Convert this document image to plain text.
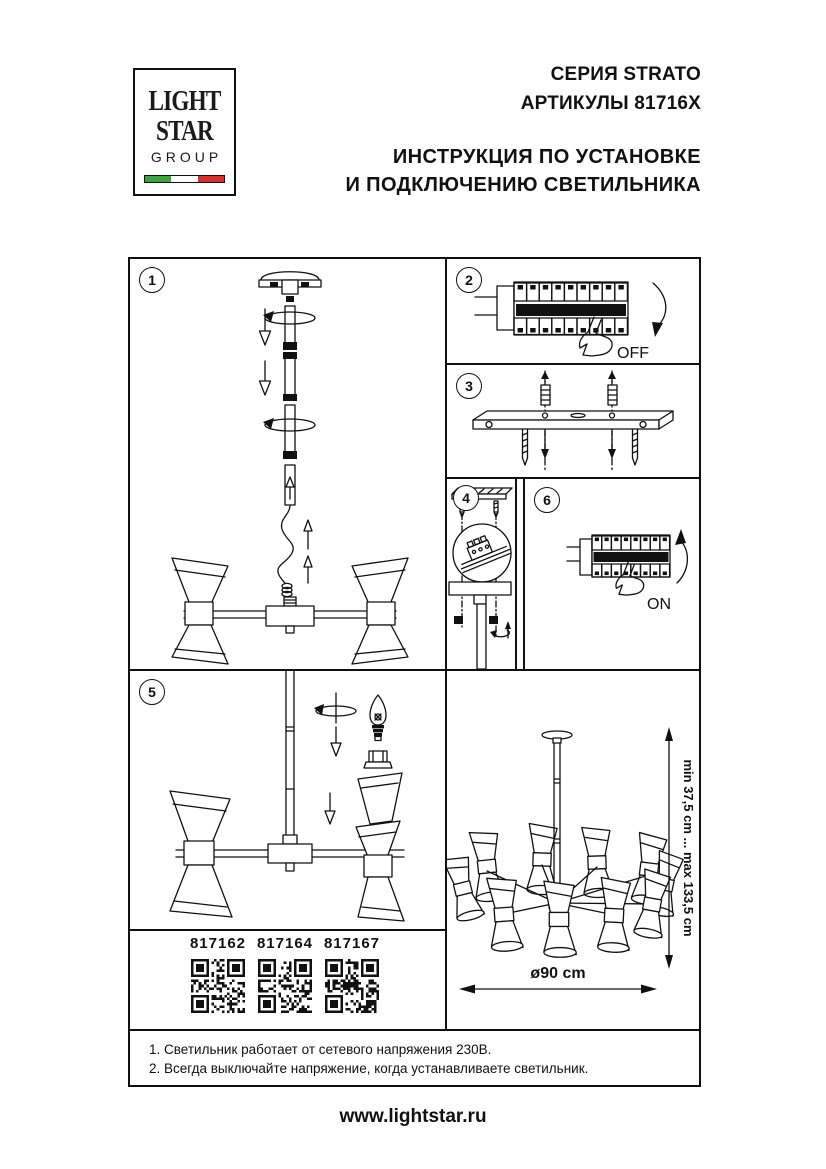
LIGHT
STAR
GROUP
СЕРИЯ STRATO
АРТИКУЛЫ 81716X
ИНСТРУКЦИЯ ПО УСТАНОВКЕ
И ПОДКЛЮЧЕНИЮ СВЕТИЛЬНИКА
1	2
OFF
3
4	6
ON
5
817162 817164 817167
min 37,5 cm ... max 133,5 cm
ø90 cm
1. Светильник работает от сетевого напряжения 230В.
2. Всегда выключайте напряжение, когда устанавливаете светильник.
www.lightstar.ru
